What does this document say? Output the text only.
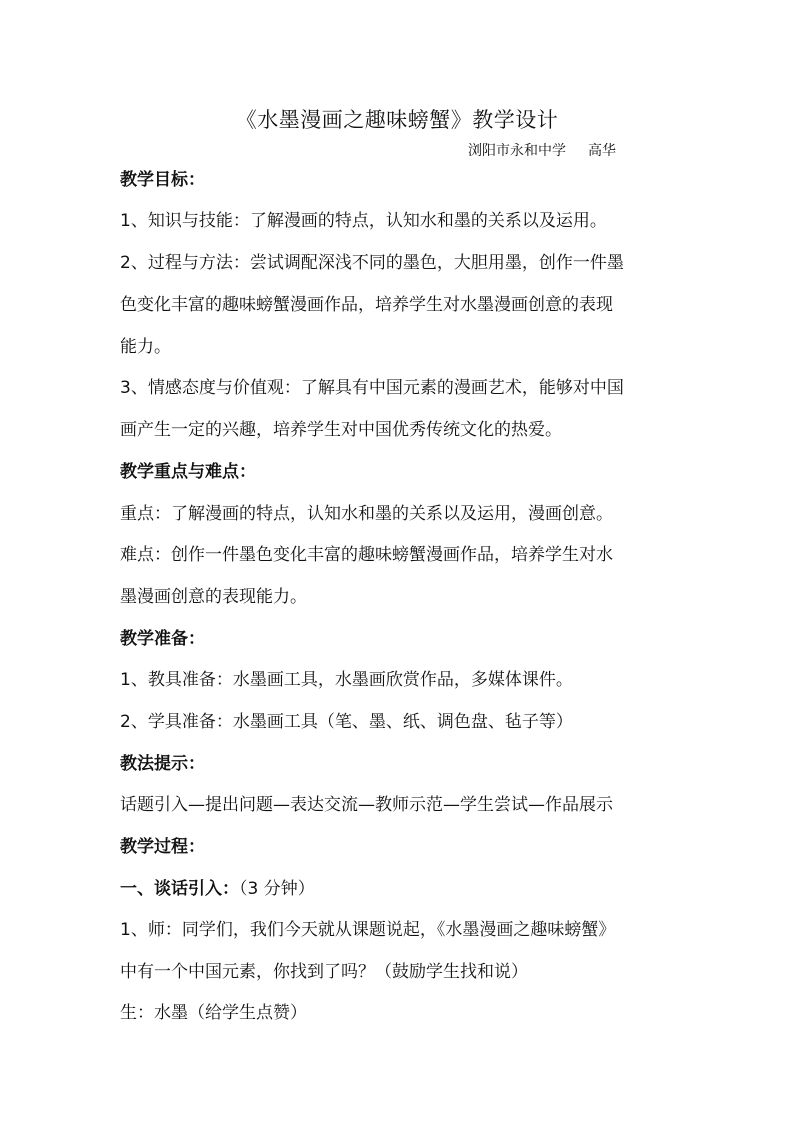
《水墨漫画之趣味螃蟹》教学设计
浏阳市永和中学 高华
教学目标：
1、知识与技能：了解漫画的特点，认知水和墨的关系以及运用。
2、过程与方法：尝试调配深浅不同的墨色，大胆用墨，创作一件墨
色变化丰富的趣味螃蟹漫画作品，培养学生对水墨漫画创意的表现
能力。
3、情感态度与价值观：了解具有中国元素的漫画艺术，能够对中国
画产生一定的兴趣，培养学生对中国优秀传统文化的热爱。
教学重点与难点：
重点：了解漫画的特点，认知水和墨的关系以及运用，漫画创意。
难点：创作一件墨色变化丰富的趣味螃蟹漫画作品，培养学生对水
墨漫画创意的表现能力。
教学准备：
1、教具准备：水墨画工具，水墨画欣赏作品，多媒体课件。
2、学具准备：水墨画工具（笔、墨、纸、调色盘、毡子等）
教法提示：
话题引入—提出问题—表达交流—教师示范—学生尝试—作品展示
教学过程：
一、谈话引入：（3 分钟）
1、师：同学们，我们今天就从课题说起，《水墨漫画之趣味螃蟹》
中有一个中国元素，你找到了吗？（鼓励学生找和说）
生：水墨（给学生点赞）
